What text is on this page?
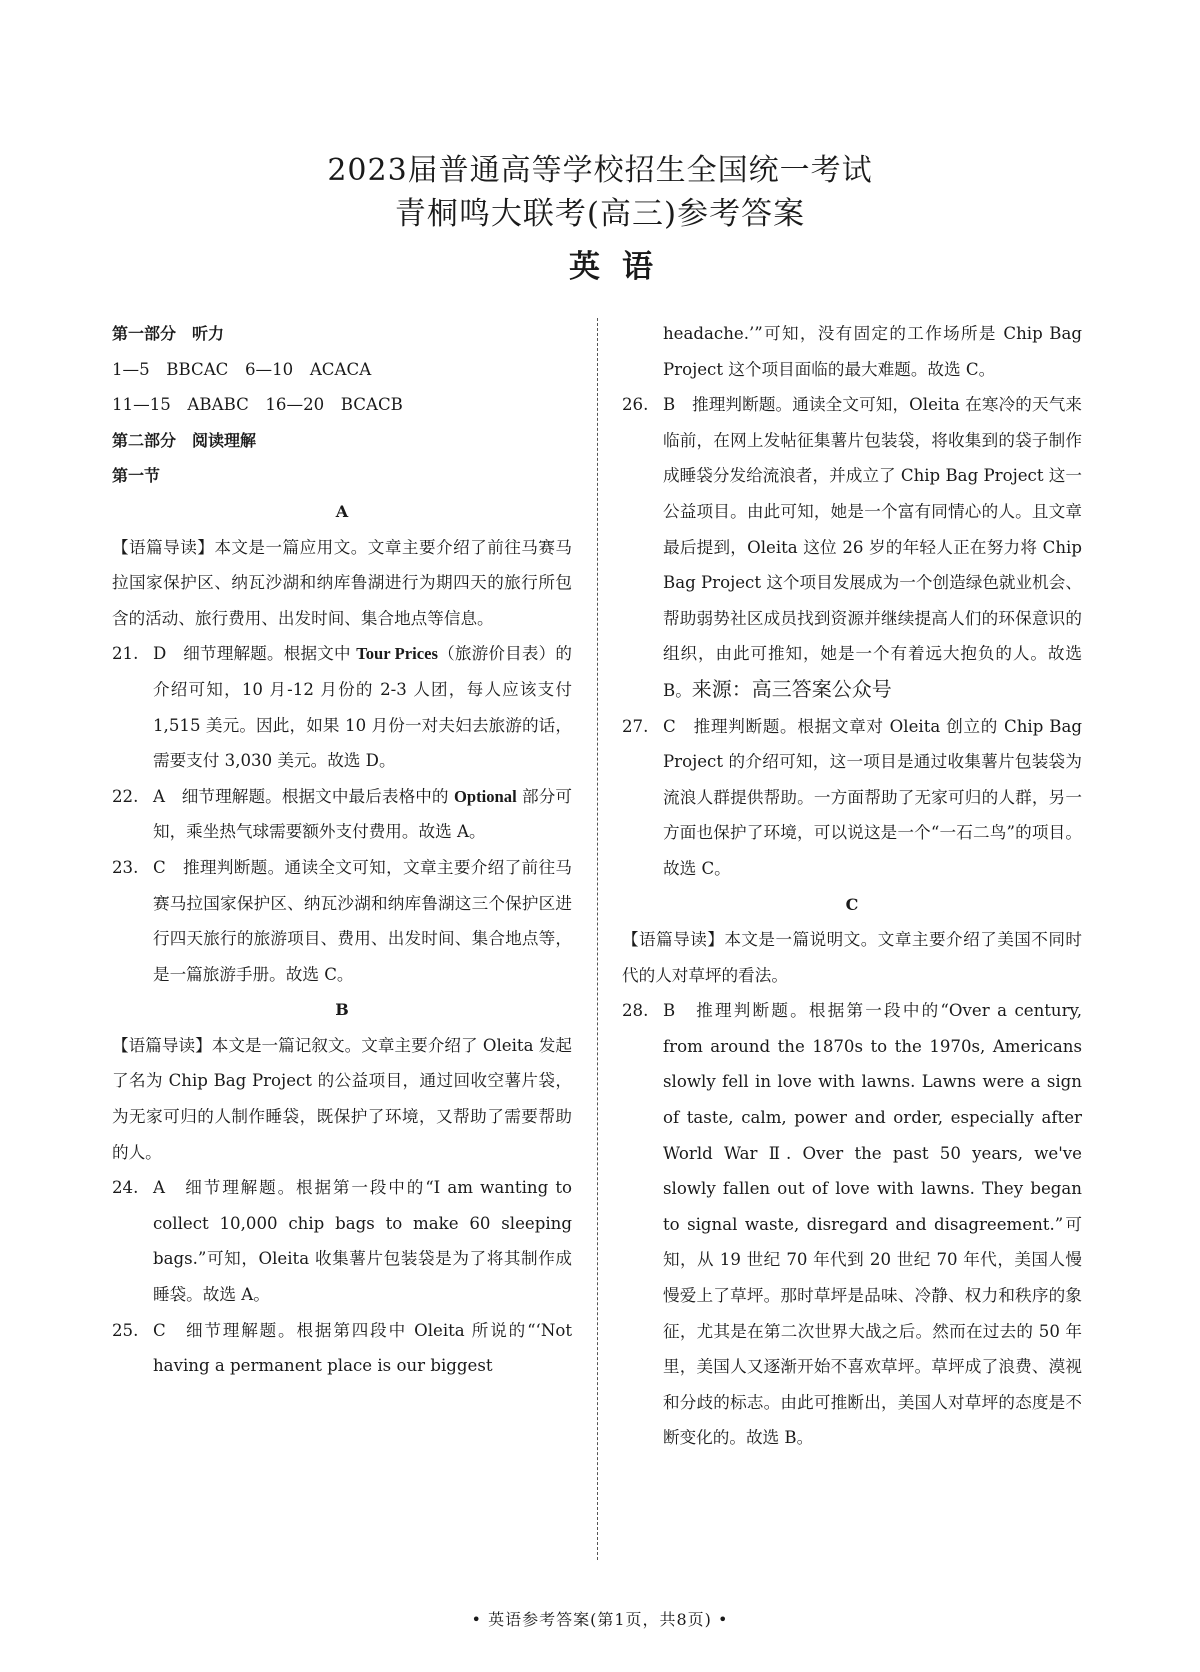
2023届普通高等学校招生全国统一考试
青桐鸣大联考(高三)参考答案
英语

第一部分　听力

1—5　BBCAC　6—10　ACACA

11—15　ABABC　16—20　BCACB

第二部分　阅读理解

第一节

A

【语篇导读】本文是一篇应用文。文章主要介绍了前往马赛马拉国家保护区、纳瓦沙湖和纳库鲁湖进行为期四天的旅行所包含的活动、旅行费用、出发时间、集合地点等信息。

21. D　细节理解题。根据文中 Tour Prices（旅游价目表）的介绍可知，10 月-12 月份的 2-3 人团，每人应该支付 1,515 美元。因此，如果 10 月份一对夫妇去旅游的话，需要支付 3,030 美元。故选 D。
22. A　细节理解题。根据文中最后表格中的 Optional 部分可知，乘坐热气球需要额外支付费用。故选 A。
23. C　推理判断题。通读全文可知，文章主要介绍了前往马赛马拉国家保护区、纳瓦沙湖和纳库鲁湖这三个保护区进行四天旅行的旅游项目、费用、出发时间、集合地点等，是一篇旅游手册。故选 C。

B

【语篇导读】本文是一篇记叙文。文章主要介绍了 Oleita 发起了名为 Chip Bag Project 的公益项目，通过回收空薯片袋，为无家可归的人制作睡袋，既保护了环境，又帮助了需要帮助的人。

24. A　细节理解题。根据第一段中的“I am wanting to collect 10,000 chip bags to make 60 sleeping bags.”可知，Oleita 收集薯片包装袋是为了将其制作成睡袋。故选 A。
25. C　细节理解题。根据第四段中 Oleita 所说的“‘Not having a permanent place is our biggest

headache.’”可知，没有固定的工作场所是 Chip Bag Project 这个项目面临的最大难题。故选 C。

26. B　推理判断题。通读全文可知，Oleita 在寒冷的天气来临前，在网上发帖征集薯片包装袋，将收集到的袋子制作成睡袋分发给流浪者，并成立了 Chip Bag Project 这一公益项目。由此可知，她是一个富有同情心的人。且文章最后提到，Oleita 这位 26 岁的年轻人正在努力将 Chip Bag Project 这个项目发展成为一个创造绿色就业机会、帮助弱势社区成员找到资源并继续提高人们的环保意识的组织，由此可推知，她是一个有着远大抱负的人。故选 B。来源：高三答案公众号
27. C　推理判断题。根据文章对 Oleita 创立的 Chip Bag Project 的介绍可知，这一项目是通过收集薯片包装袋为流浪人群提供帮助。一方面帮助了无家可归的人群，另一方面也保护了环境，可以说这是一个“一石二鸟”的项目。故选 C。

C

【语篇导读】本文是一篇说明文。文章主要介绍了美国不同时代的人对草坪的看法。

28. B　推理判断题。根据第一段中的“Over a century, from around the 1870s to the 1970s, Americans slowly fell in love with lawns. Lawns were a sign of taste, calm, power and order, especially after World War Ⅱ. Over the past 50 years, we've slowly fallen out of love with lawns. They began to signal waste, disregard and disagreement.”可知，从 19 世纪 70 年代到 20 世纪 70 年代，美国人慢慢爱上了草坪。那时草坪是品味、冷静、权力和秩序的象征，尤其是在第二次世界大战之后。然而在过去的 50 年里，美国人又逐渐开始不喜欢草坪。草坪成了浪费、漠视和分歧的标志。由此可推断出，美国人对草坪的态度是不断变化的。故选 B。
• 英语参考答案(第1页，共8页) •
